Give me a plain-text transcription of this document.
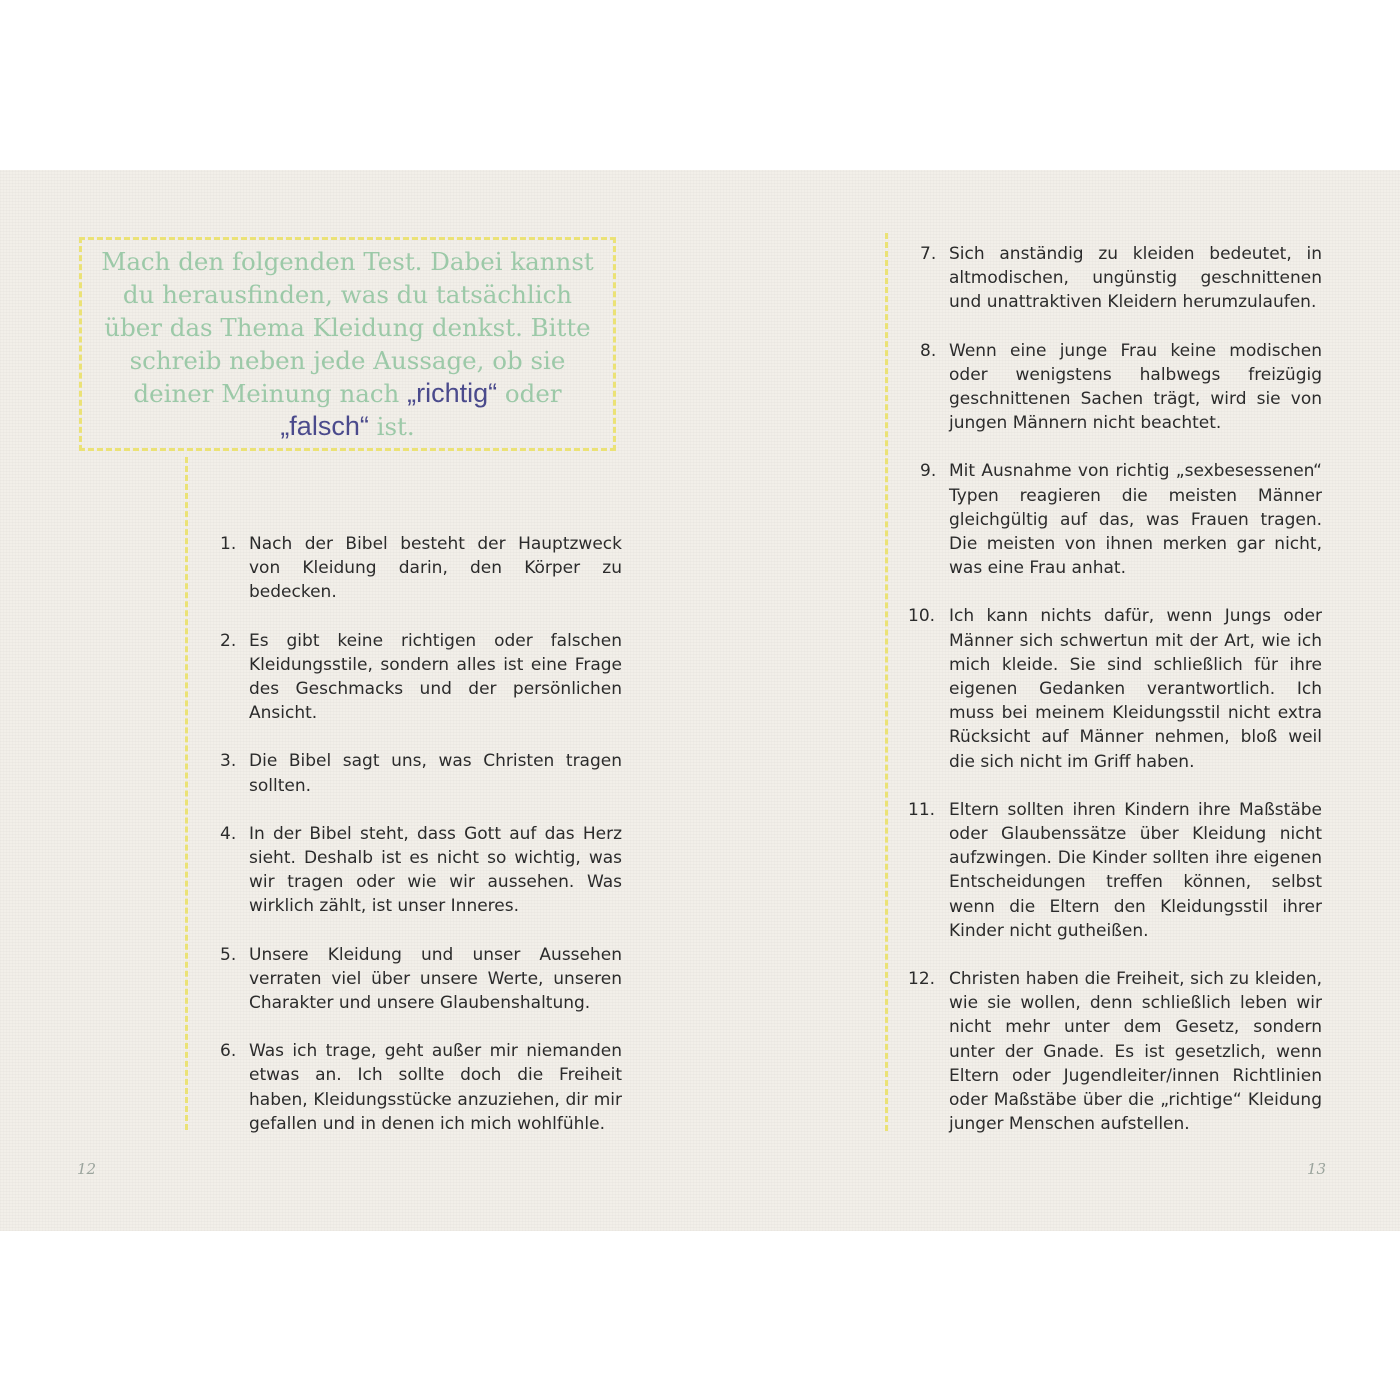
Mach den folgenden Test. Dabei kannst du herausfinden, was du tatsächlich über das Thema Kleidung denkst. Bitte schreib neben jede Aussage, ob sie deiner Meinung nach „richtig“ oder „falsch“ ist.
1. Nach der Bibel besteht der Hauptzweck von Kleidung darin, den Körper zu bedecken.
2. Es gibt keine richtigen oder falschen Kleidungsstile, sondern alles ist eine Frage des Geschmacks und der persönlichen Ansicht.
3. Die Bibel sagt uns, was Christen tragen sollten.
4. In der Bibel steht, dass Gott auf das Herz sieht. Deshalb ist es nicht so wichtig, was wir tragen oder wie wir aussehen. Was wirklich zählt, ist unser Inneres.
5. Unsere Kleidung und unser Aussehen verraten viel über unsere Werte, unseren Charakter und unsere Glaubenshaltung.
6. Was ich trage, geht außer mir niemanden etwas an. Ich sollte doch die Freiheit haben, Kleidungsstücke anzuziehen, dir mir gefallen und in denen ich mich wohlfühle.
7. Sich anständig zu kleiden bedeutet, in altmodischen, ungünstig geschnittenen und unattraktiven Kleidern herumzulaufen.
8. Wenn eine junge Frau keine modischen oder wenigstens halbwegs freizügig geschnittenen Sachen trägt, wird sie von jungen Männern nicht beachtet.
9. Mit Ausnahme von richtig „sexbesessenen“ Typen reagieren die meisten Männer gleichgültig auf das, was Frauen tragen. Die meisten von ihnen merken gar nicht, was eine Frau anhat.
10. Ich kann nichts dafür, wenn Jungs oder Männer sich schwertun mit der Art, wie ich mich kleide. Sie sind schließlich für ihre eigenen Gedanken verantwortlich. Ich muss bei meinem Kleidungsstil nicht extra Rücksicht auf Männer nehmen, bloß weil die sich nicht im Griff haben.
11. Eltern sollten ihren Kindern ihre Maßstäbe oder Glaubenssätze über Kleidung nicht aufzwingen. Die Kinder sollten ihre eigenen Entscheidungen treffen können, selbst wenn die Eltern den Kleidungsstil ihrer Kinder nicht gutheißen.
12. Christen haben die Freiheit, sich zu kleiden, wie sie wollen, denn schließlich leben wir nicht mehr unter dem Gesetz, sondern unter der Gnade. Es ist gesetzlich, wenn Eltern oder Jugendleiter/innen Richtlinien oder Maßstäbe über die „richtige“ Kleidung junger Menschen aufstellen.
12	13
